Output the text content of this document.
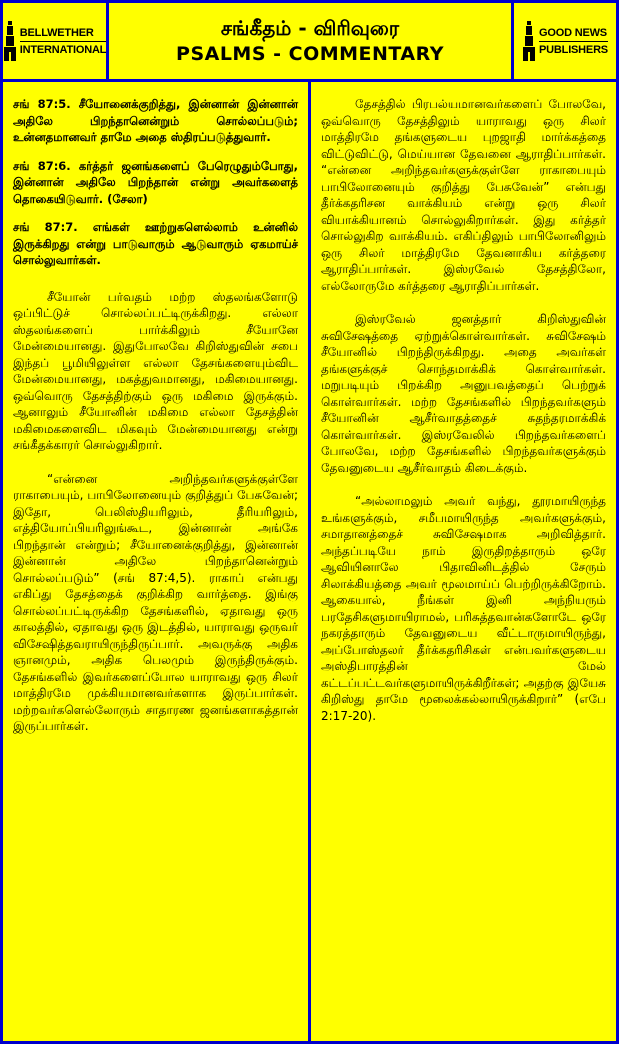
BELLWETHER
INTERNATIONAL
சங்கீதம் - விரிவுரை
PSALMS - COMMENTARY
GOOD NEWS
PUBLISHERS

சங் 87:5. சீயோனைக்குறித்து, இன்னான் இன்னான் அதிலே பிறந்தானென்றும் சொல்லப்படும்; உன்னதமானவர் தாமே அதை ஸ்திரப்படுத்துவார்.

சங் 87:6. கர்த்தர் ஜனங்களைப் பேரெழுதும்போது, இன்னான் அதிலே பிறந்தான் என்று அவர்களைத் தொகையிடுவார். (சேலா)

சங் 87:7. எங்கள் ஊற்றுகளெல்லாம் உன்னில் இருக்கிறது என்று பாடுவாரும் ஆடுவாரும் ஏகமாய்ச் சொல்லுவார்கள்.

சீயோன் பர்வதம் மற்ற ஸ்தலங்களோடு ஒப்பிட்டுச் சொல்லப்பட்டிருக்கிறது. எல்லா ஸ்தலங்களைப் பார்க்கிலும் சீயோனே மேன்மையானது. இதுபோலவே கிறிஸ்துவின் சபை இந்தப் பூமியிலுள்ள எல்லா தேசங்களையும்விட மேன்மையானது, மகத்துவமானது, மகிமையானது. ஒவ்வொரு தேசத்திற்கும் ஒரு மகிமை இருக்கும். ஆனாலும் சீயோனின் மகிமை எல்லா தேசத்தின் மகிமைகளைவிட மிகவும் மேன்மையானது என்று சங்கீதக்காரர் சொல்லுகிறார்.

“என்னை அறிந்தவர்களுக்குள்ளே ராகாபையும், பாபிலோனையும் குறித்துப் பேசுவேன்; இதோ, பெலிஸ்தியரிலும், தீரியரிலும், எத்தியோப்பியரிலுங்கூட, இன்னான் அங்கே பிறந்தான் என்றும்; சீயோனைக்குறித்து, இன்னான் இன்னான் அதிலே பிறந்தானென்றும் சொல்லப்படும்” (சங் 87:4,5). ராகாப் என்பது எகிப்து தேசத்தைக் குறிக்கிற வார்த்தை. இங்கு சொல்லப்பட்டிருக்கிற தேசங்களில், ஏதாவது ஒரு காலத்தில், ஏதாவது ஒரு இடத்தில், யாராவது ஒருவர் விசேஷித்தவராயிருந்திருப்பார். அவருக்கு அதிக ஞானமும், அதிக பெலமும் இருந்திருக்கும். தேசங்களில் இவர்களைப்போல யாராவது ஒரு சிலர் மாத்திரமே முக்கியமானவர்களாக இருப்பார்கள். மற்றவர்களெல்லோரும் சாதாரண ஜனங்களாகத்தான் இருப்பார்கள்.

தேசத்தில் பிரபல்யமானவர்களைப் போலவே, ஒவ்வொரு தேசத்திலும் யாராவது ஒரு சிலர் மாத்திரமே தங்களுடைய புறஜாதி மார்க்கத்தை விட்டுவிட்டு, மெய்யான தேவனை ஆராதிப்பார்கள். “என்னை அறிந்தவர்களுக்குள்ளே ராகாபையும் பாபிலோனையும் குறித்து பேசுவேன்” என்பது தீர்க்கதரிசன வாக்கியம் என்று ஒரு சிலர் வியாக்கியானம் சொல்லுகிறார்கள். இது கர்த்தர் சொல்லுகிற வாக்கியம். எகிப்திலும் பாபிலோனிலும் ஒரு சிலர் மாத்திரமே தேவனாகிய கர்த்தரை ஆராதிப்பார்கள். இஸ்ரவேல் தேசத்திலோ, எல்லோருமே கர்த்தரை ஆராதிப்பார்கள்.

இஸ்ரவேல் ஜனத்தார் கிறிஸ்துவின் சுவிசேஷத்தை ஏற்றுக்கொள்வார்கள். சுவிசேஷம் சீயோனில் பிறந்திருக்கிறது. அதை அவர்கள் தங்களுக்குச் சொந்தமாக்கிக் கொள்வார்கள். மறுபடியும் பிறக்கிற அனுபவத்தைப் பெற்றுக் கொள்வார்கள். மற்ற தேசங்களில் பிறந்தவர்களும் சீயோனின் ஆசீர்வாதத்தைச் சுதந்தரமாக்கிக் கொள்வார்கள். இஸ்ரவேலில் பிறந்தவர்களைப் போலவே, மற்ற தேசங்களில் பிறந்தவர்களுக்கும் தேவனுடைய ஆசீர்வாதம் கிடைக்கும்.

“அல்லாமலும் அவர் வந்து, தூரமாயிருந்த உங்களுக்கும், சமீபமாயிருந்த அவர்களுக்கும், சமாதானத்தைச் சுவிசேஷமாக அறிவித்தார். அந்தப்படியே நாம் இருதிறத்தாரும் ஒரே ஆவியினாலே பிதாவினிடத்தில் சேரும் சிலாக்கியத்தை அவர் மூலமாய்ப் பெற்றிருக்கிறோம். ஆகையால், நீங்கள் இனி அந்நியரும் பரதேசிகளுமாயிராமல், பரிசுத்தவான்களோடே ஒரே நகரத்தாரும் தேவனுடைய வீட்டாருமாயிருந்து, அப்போஸ்தலர் தீர்க்கதரிசிகள் என்பவர்களுடைய அஸ்திபாரத்தின் மேல் கட்டப்பட்டவர்களுமாயிருக்கிறீர்கள்; அதற்கு இயேசு கிறிஸ்து தாமே மூலைக்கல்லாயிருக்கிறார்” (எபே 2:17-20).
